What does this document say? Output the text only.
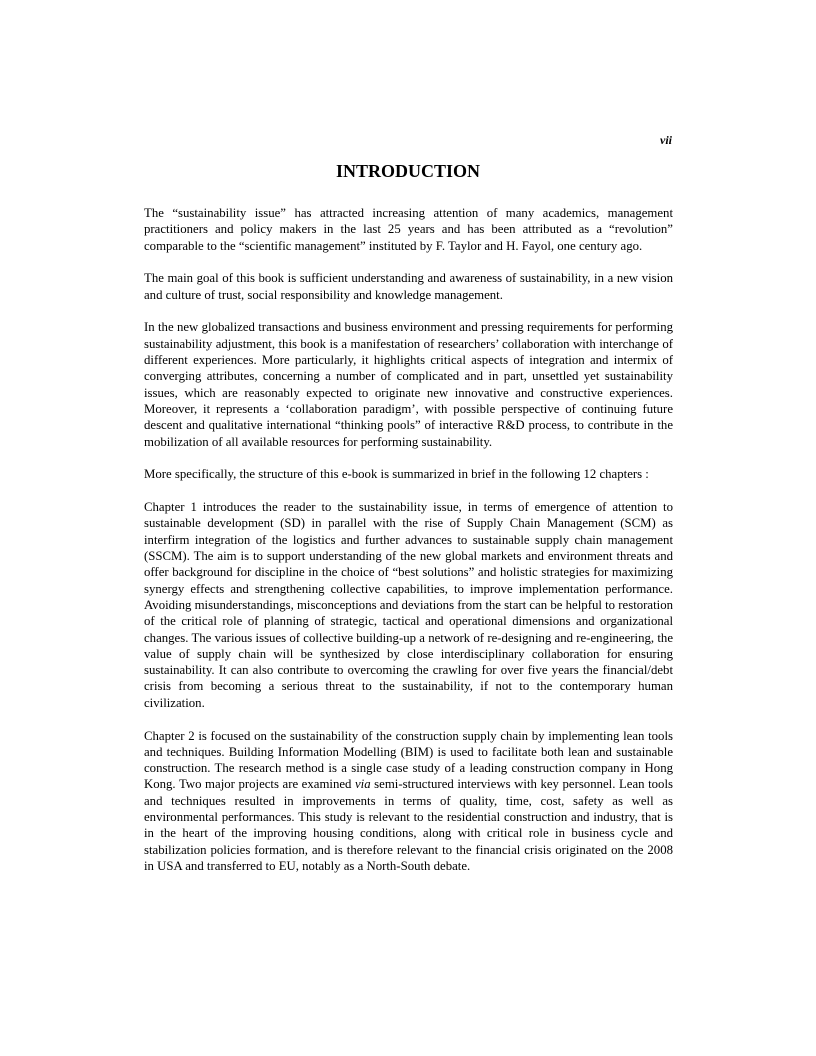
vii
INTRODUCTION

The “sustainability issue” has attracted increasing attention of many academics, management practitioners and policy makers in the last 25 years and has been attributed as a “revolution” comparable to the “scientific management” instituted by F. Taylor and H. Fayol, one century ago.

The main goal of this book is sufficient understanding and awareness of sustainability, in a new vision and culture of trust, social responsibility and knowledge management.

In the new globalized transactions and business environment and pressing requirements for performing sustainability adjustment, this book is a manifestation of researchers’ collaboration with interchange of different experiences. More particularly, it highlights critical aspects of integration and intermix of converging attributes, concerning a number of complicated and in part, unsettled yet sustainability issues, which are reasonably expected to originate new innovative and constructive experiences. Moreover, it represents a ‘collaboration paradigm’, with possible perspective of continuing future descent and qualitative international “thinking pools” of interactive R&D process, to contribute in the mobilization of all available resources for performing sustainability.

More specifically, the structure of this e-book is summarized in brief in the following 12 chapters :

Chapter 1 introduces the reader to the sustainability issue, in terms of emergence of attention to sustainable development (SD) in parallel with the rise of Supply Chain Management (SCM) as interfirm integration of the logistics and further advances to sustainable supply chain management (SSCM). The aim is to support understanding of the new global markets and environment threats and offer background for discipline in the choice of “best solutions” and holistic strategies for maximizing synergy effects and strengthening collective capabilities, to improve implementation performance. Avoiding misunderstandings, misconceptions and deviations from the start can be helpful to restoration of the critical role of planning of strategic, tactical and operational dimensions and organizational changes. The various issues of collective building-up a network of re-designing and re-engineering, the value of supply chain will be synthesized by close interdisciplinary collaboration for ensuring sustainability. It can also contribute to overcoming the crawling for over five years the financial/debt crisis from becoming a serious threat to the sustainability, if not to the contemporary human civilization.

Chapter 2 is focused on the sustainability of the construction supply chain by implementing lean tools and techniques. Building Information Modelling (BIM) is used to facilitate both lean and sustainable construction. The research method is a single case study of a leading construction company in Hong Kong. Two major projects are examined via semi-structured interviews with key personnel. Lean tools and techniques resulted in improvements in terms of quality, time, cost, safety as well as environmental performances. This study is relevant to the residential construction and industry, that is in the heart of the improving housing conditions, along with critical role in business cycle and stabilization policies formation, and is therefore relevant to the financial crisis originated on the 2008 in USA and transferred to EU, notably as a North-South debate.
